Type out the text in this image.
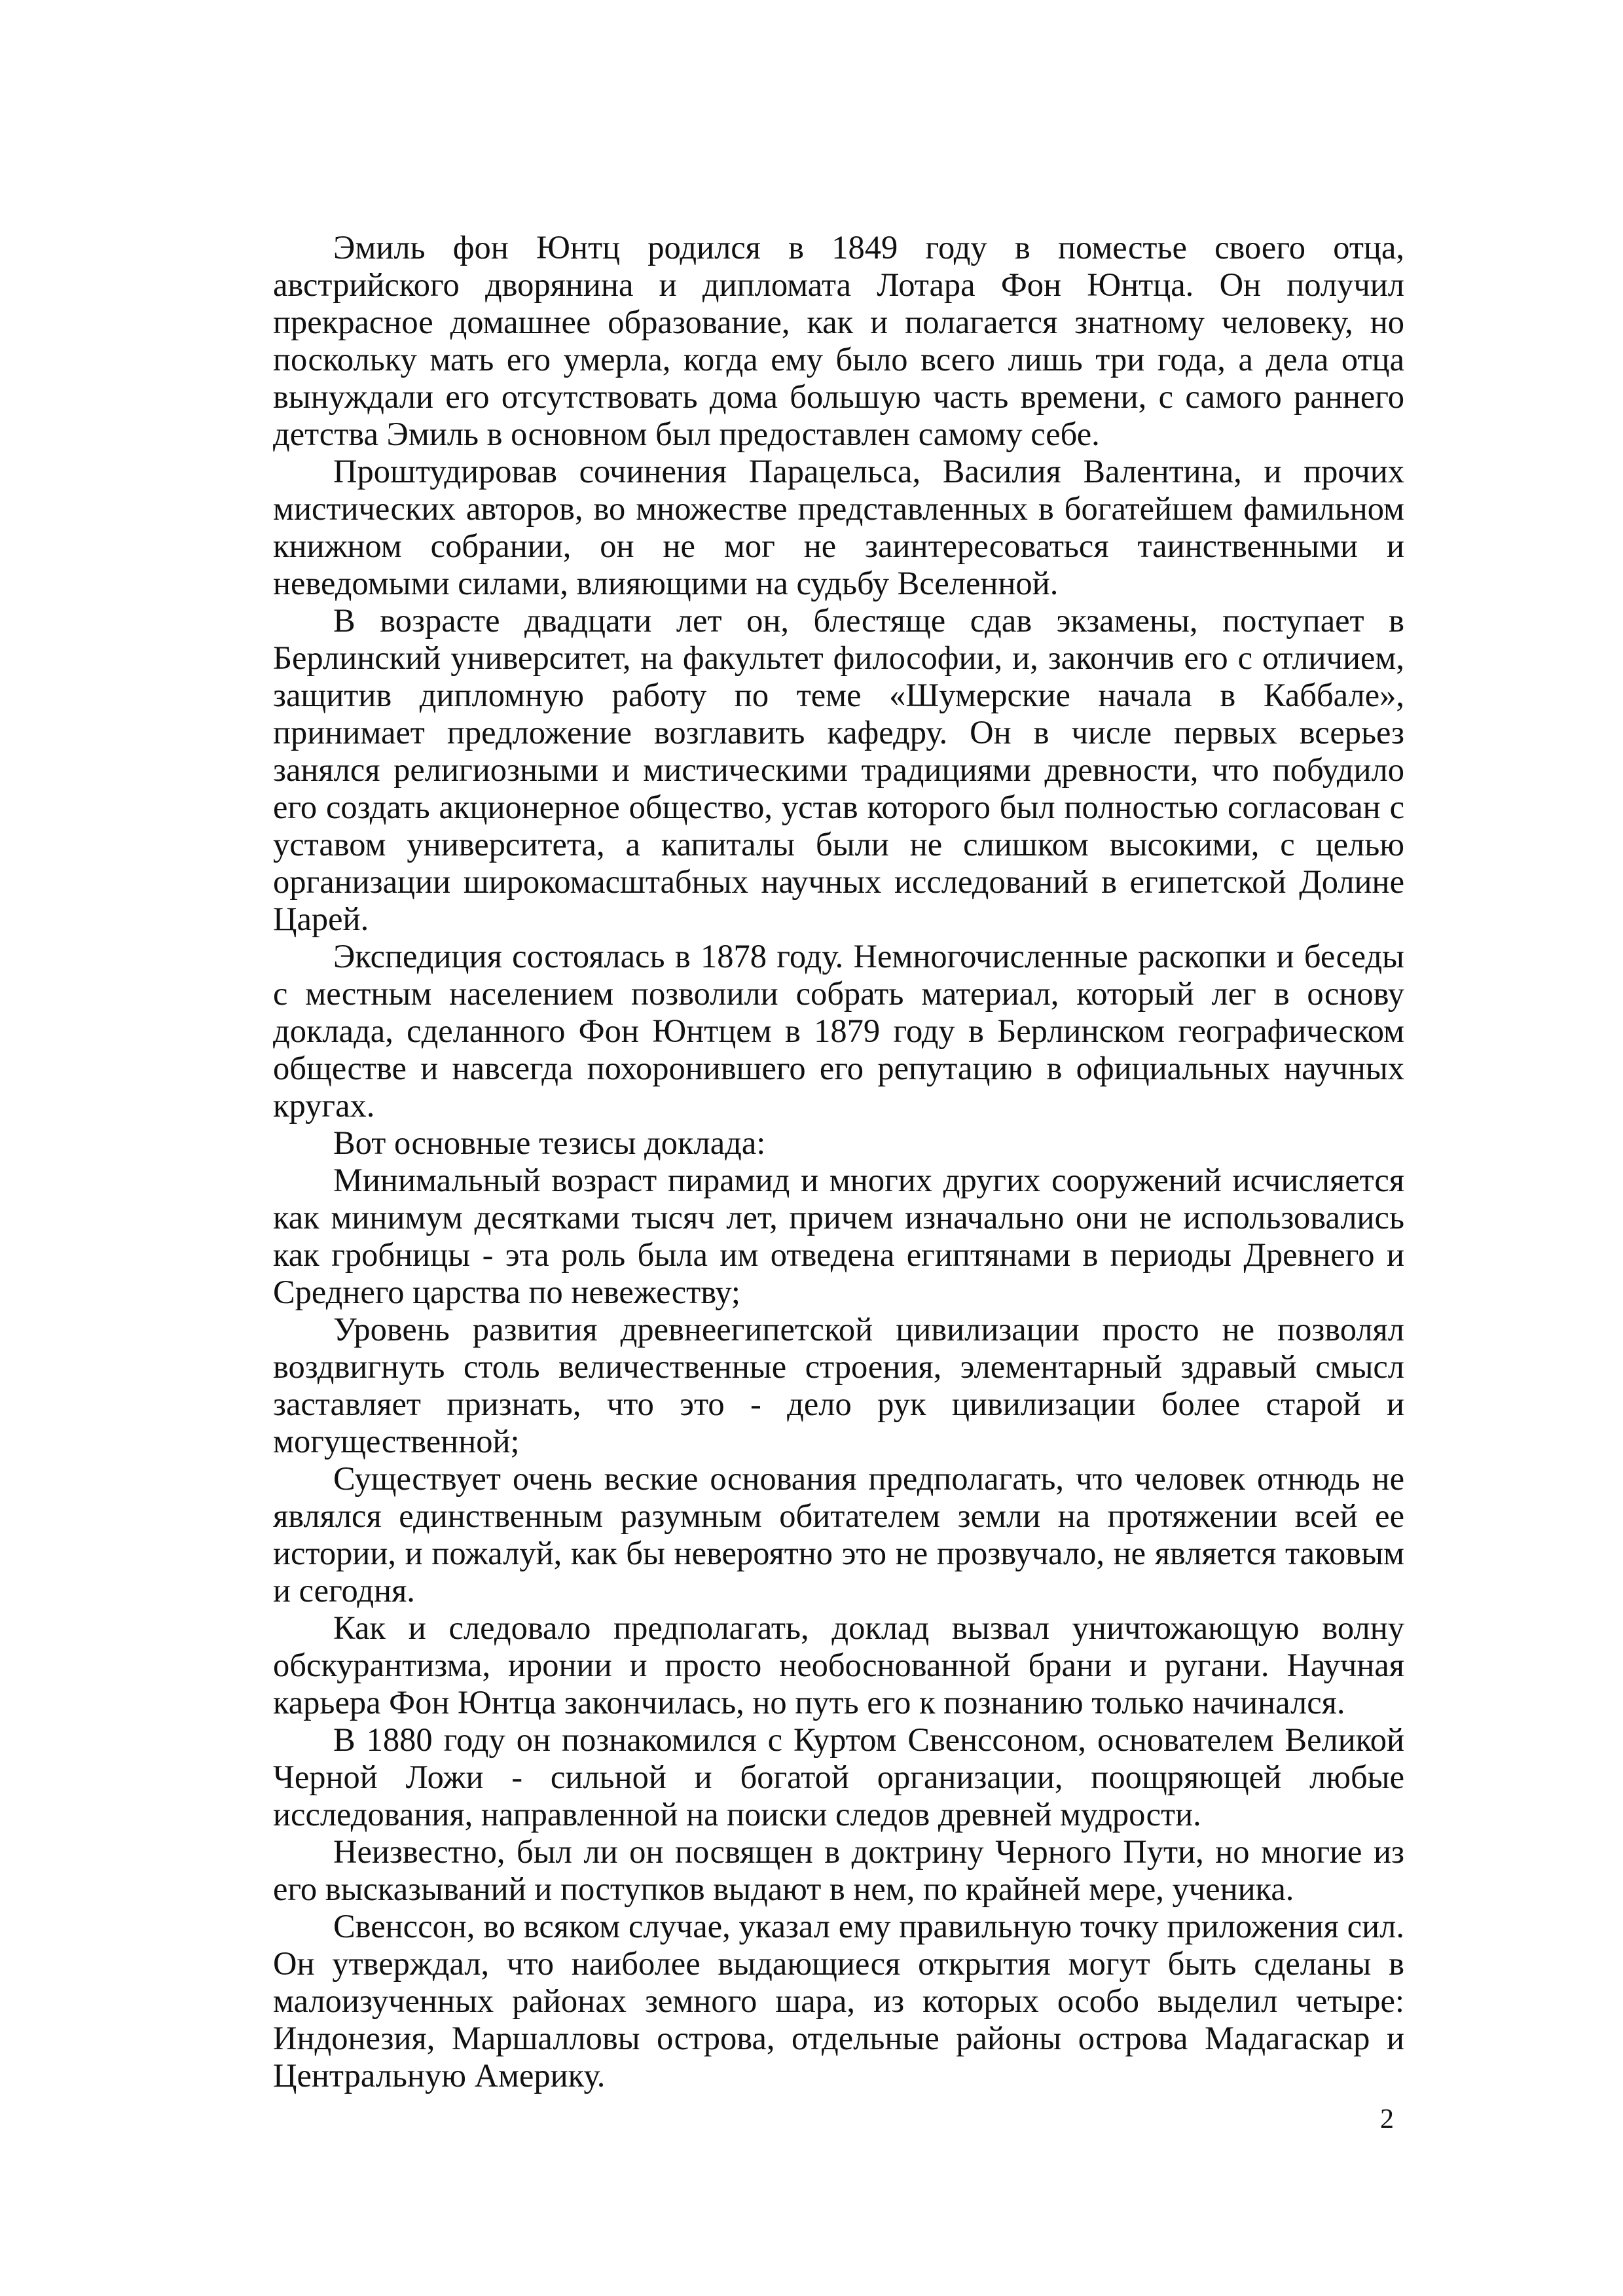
Эмиль фон Юнтц родился в 1849 году в поместье своего отца, австрийского дворянина и дипломата Лотара Фон Юнтца. Он получил прекрасное домашнее образование, как и полагается знатному человеку, но поскольку мать его умерла, когда ему было всего лишь три года, а дела отца вынуждали его отсутствовать дома большую часть времени, с самого раннего детства Эмиль в основном был предоставлен самому себе.

Проштудировав сочинения Парацельса, Василия Валентина, и прочих мистических авторов, во множестве представленных в богатейшем фамильном книжном собрании, он не мог не заинтересоваться таинственными и неведомыми силами, влияющими на судьбу Вселенной.

В возрасте двадцати лет он, блестяще сдав экзамены, поступает в Берлинский университет, на факультет философии, и, закончив его с отличием, защитив дипломную работу по теме «Шумерские начала в Каббале», принимает предложение возглавить кафедру. Он в числе первых всерьез занялся религиозными и мистическими традициями древности, что побудило его создать акционерное общество, устав которого был полностью согласован с уставом университета, а капиталы были не слишком высокими, с целью организации широкомасштабных научных исследований в египетской Долине Царей.

Экспедиция состоялась в 1878 году. Немногочисленные раскопки и беседы с местным населением позволили собрать материал, который лег в основу доклада, сделанного Фон Юнтцем в 1879 году в Берлинском географическом обществе и навсегда похоронившего его репутацию в официальных научных кругах.

Вот основные тезисы доклада:

Минимальный возраст пирамид и многих других сооружений исчисляется как минимум десятками тысяч лет, причем изначально они не использовались как гробницы - эта роль была им отведена египтянами в периоды Древнего и Среднего царства по невежеству;

Уровень развития древнеегипетской цивилизации просто не позволял воздвигнуть столь величественные строения, элементарный здравый смысл заставляет признать, что это - дело рук цивилизации более старой и могущественной;

Существует очень веские основания предполагать, что человек отнюдь не являлся единственным разумным обитателем земли на протяжении всей ее истории, и пожалуй, как бы невероятно это не прозвучало, не является таковым и сегодня.

Как и следовало предполагать, доклад вызвал уничтожающую волну обскурантизма, иронии и просто необоснованной брани и ругани. Научная карьера Фон Юнтца закончилась, но путь его к познанию только начинался.

В 1880 году он познакомился с Куртом Свенссоном, основателем Великой Черной Ложи - сильной и богатой организации, поощряющей любые исследования, направленной на поиски следов древней мудрости.

Неизвестно, был ли он посвящен в доктрину Черного Пути, но многие из его высказываний и поступков выдают в нем, по крайней мере, ученика.

Свенссон, во всяком случае, указал ему правильную точку приложения сил. Он утверждал, что наиболее выдающиеся открытия могут быть сделаны в малоизученных районах земного шара, из которых особо выделил четыре: Индонезия, Маршалловы острова, отдельные районы острова Мадагаскар и Центральную Америку.

2
